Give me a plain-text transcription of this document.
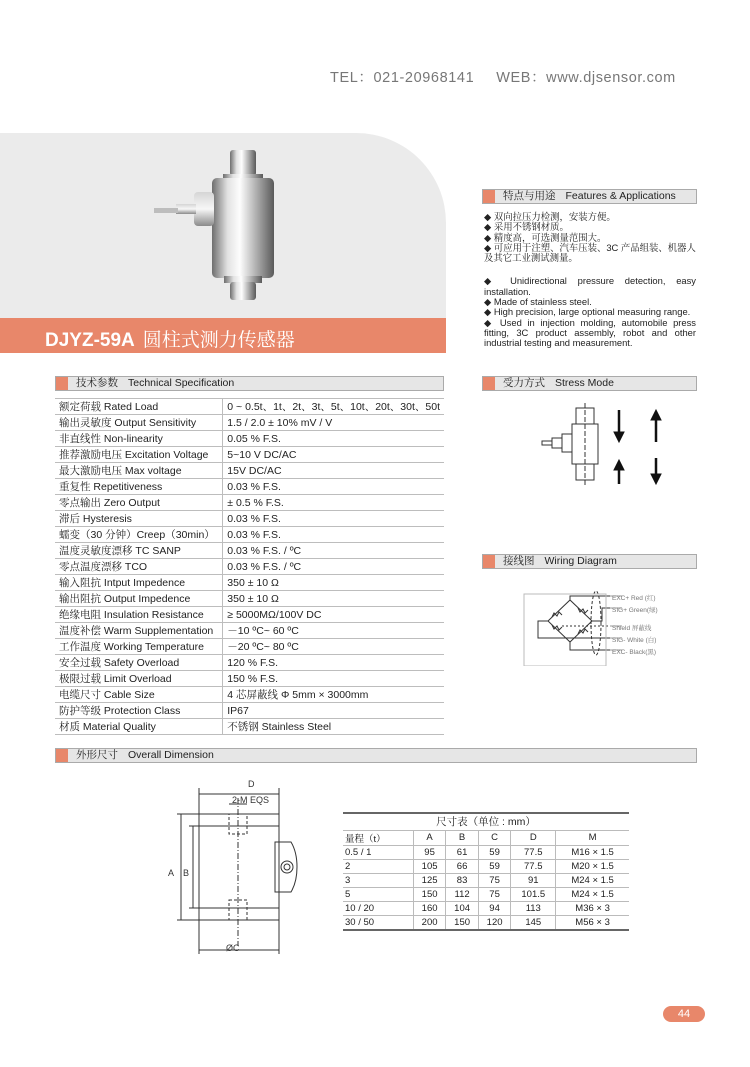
TEL：021-20968141 WEB：www.djsensor.com
DJYZ-59A 圆柱式测力传感器
特点与用途 Features & Applications

◆ 双向拉压力检测，安装方便。

◆ 采用不锈钢材质。

◆ 精度高，可选测量范围大。

◆ 可应用于注塑、汽车压装、3C 产品组装、机器人及其它工业测试测量。

◆ Unidirectional pressure detection, easy installation.

◆ Made of stainless steel.

◆ High precision, large optional measuring range.

◆ Used in injection molding, automobile press fitting, 3C product assembly, robot and other industrial testing and measurement.

技术参数 Technical Specification
额定荷载 Rated Load	0 ~ 0.5t、1t、2t、3t、5t、10t、20t、30t、50t
输出灵敏度 Output Sensitivity	1.5 / 2.0 ± 10% mV / V
非直线性 Non-linearity	0.05 % F.S.
推荐激励电压 Excitation Voltage	5~10 V DC/AC
最大激励电压 Max voltage	15V DC/AC
重复性 Repetitiveness	0.03 % F.S.
零点输出 Zero Output	± 0.5 % F.S.
滞后 Hysteresis	0.03 % F.S.
蠕变（30 分钟）Creep（30min）	0.03 % F.S.
温度灵敏度漂移 TC SANP	0.03 % F.S. / ºC
零点温度漂移 TCO	0.03 % F.S. / ºC
输入阻抗 Intput Impedence	350 ± 10 Ω
输出阻抗 Output Impedence	350 ± 10 Ω
绝缘电阻 Insulation Resistance	≥ 5000MΩ/100V DC
温度补偿 Warm Supplementation	－10 ºC~ 60 ºC
工作温度 Working Temperature	－20 ºC~ 80 ºC
安全过载 Safety Overload	120 % F.S.
极限过载 Limit Overload	150 % F.S.
电缆尺寸 Cable Size	4 芯屏蔽线 Φ 5mm × 3000mm
防护等级 Protection Class	IP67
材质 Material Quality	不锈钢 Stainless Steel
受力方式 Stress Mode
接线图 Wiring Diagram
EXC+ Red (红)
SIG+ Green(绿)
Shield 屏蔽线
SIG- White (白)
EXC- Black(黑)
外形尺寸 Overall Dimension
D
2-M EQS
A B
ØC
尺寸表（单位 : mm）					
量程（t）	A	B	C	D	M
0.5 / 1	95	61	59	77.5	M16 × 1.5
2	105	66	59	77.5	M20 × 1.5
3	125	83	75	91	M24 × 1.5
5	150	112	75	101.5	M24 × 1.5
10 / 20	160	104	94	113	M36 × 3
30 / 50	200	150	120	145	M56 × 3
44
